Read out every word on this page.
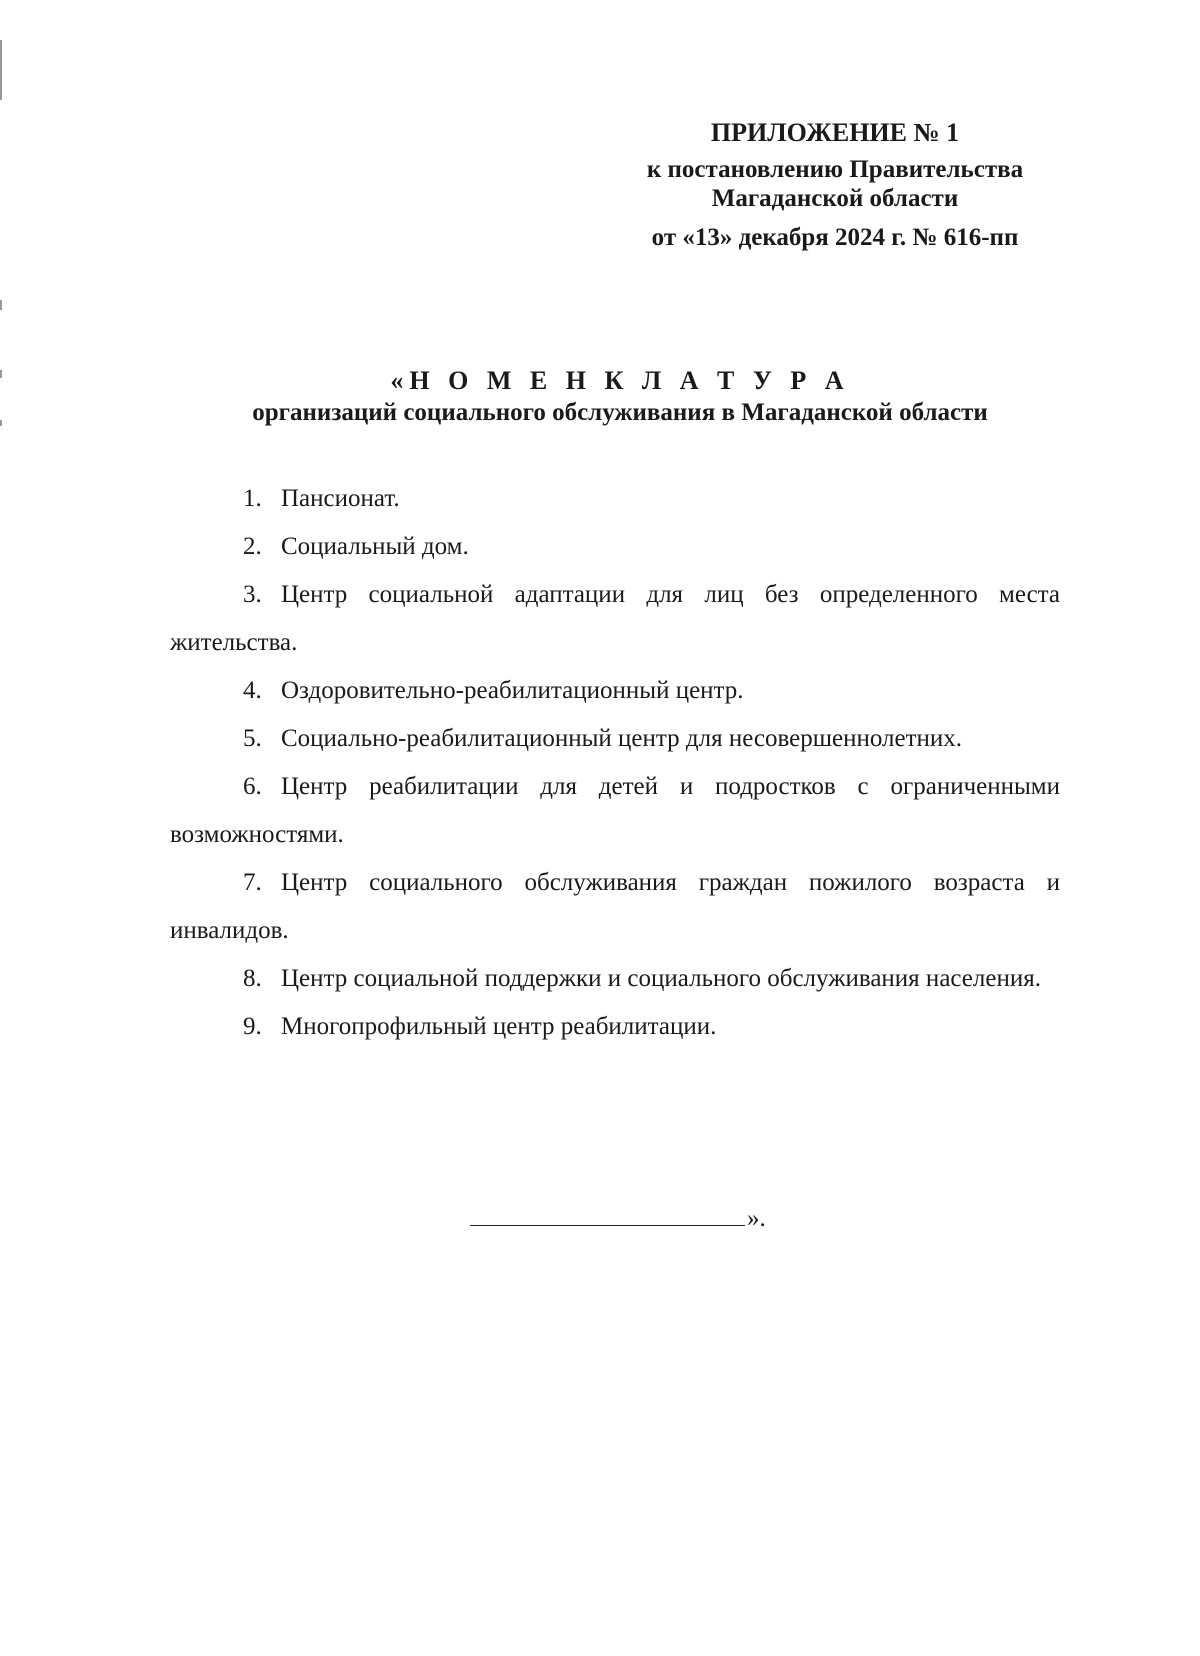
ПРИЛОЖЕНИЕ № 1
к постановлению Правительства
Магаданской области
от «13» декабря 2024 г. № 616-пп
«Н О М Е Н К Л А Т У Р А
организаций социального обслуживания в Магаданской области
1. Пансионат.
2. Социальный дом.
3. Центр социальной адаптации для лиц без определенного места жительства.
4. Оздоровительно-реабилитационный центр.
5. Социально-реабилитационный центр для несовершеннолетних.
6. Центр реабилитации для детей и подростков с ограниченными возможностями.
7. Центр социального обслуживания граждан пожилого возраста и инвалидов.
8. Центр социальной поддержки и социального обслуживания населения.
9. Многопрофильный центр реабилитации.
».
